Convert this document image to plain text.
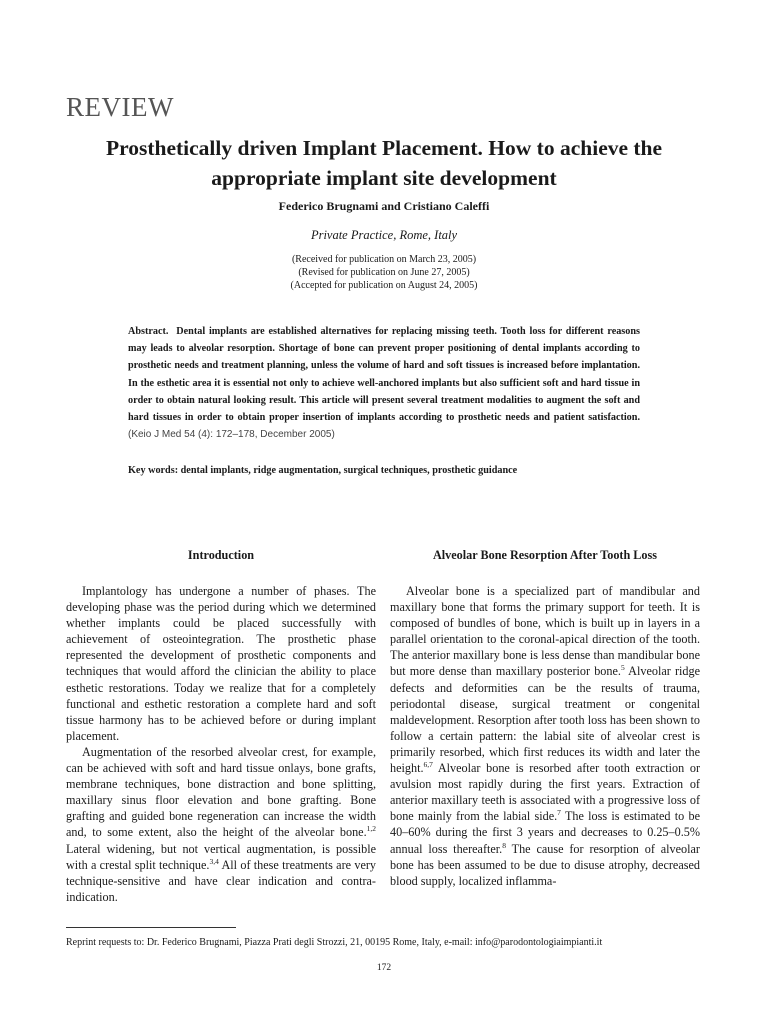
REVIEW
Prosthetically driven Implant Placement. How to achieve the appropriate implant site development
Federico Brugnami and Cristiano Caleffi
Private Practice, Rome, Italy
(Received for publication on March 23, 2005)
(Revised for publication on June 27, 2005)
(Accepted for publication on August 24, 2005)
Abstract. Dental implants are established alternatives for replacing missing teeth. Tooth loss for different reasons may leads to alveolar resorption. Shortage of bone can prevent proper positioning of dental implants according to prosthetic needs and treatment planning, unless the volume of hard and soft tissues is increased before implantation. In the esthetic area it is essential not only to achieve well-anchored implants but also sufficient soft and hard tissue in order to obtain natural looking result. This article will present several treatment modalities to augment the soft and hard tissues in order to obtain proper insertion of implants according to prosthetic needs and patient satisfaction. (Keio J Med 54 (4): 172–178, December 2005)
Key words: dental implants, ridge augmentation, surgical techniques, prosthetic guidance
Introduction

Implantology has undergone a number of phases. The developing phase was the period during which we determined whether implants could be placed successfully with achievement of osteointegration. The prosthetic phase represented the development of prosthetic components and techniques that would afford the clinician the ability to place esthetic restorations. Today we realize that for a completely functional and esthetic restoration a complete hard and soft tissue harmony has to be achieved before or during implant placement.

Augmentation of the resorbed alveolar crest, for example, can be achieved with soft and hard tissue onlays, bone grafts, membrane techniques, bone distraction and bone splitting, maxillary sinus floor elevation and bone grafting. Bone grafting and guided bone regeneration can increase the width and, to some extent, also the height of the alveolar bone.$^{1,2}$ Lateral widening, but not vertical augmentation, is possible with a crestal split technique.$^{3,4}$ All of these treatments are very technique-sensitive and have clear indication and contra-indication.

Alveolar Bone Resorption After Tooth Loss

Alveolar bone is a specialized part of mandibular and maxillary bone that forms the primary support for teeth. It is composed of bundles of bone, which is built up in layers in a parallel orientation to the coronal-apical direction of the tooth. The anterior maxillary bone is less dense than mandibular bone but more dense than maxillary posterior bone.$^5$ Alveolar ridge defects and deformities can be the results of trauma, periodontal disease, surgical treatment or congenital maldevelopment. Resorption after tooth loss has been shown to follow a certain pattern: the labial site of alveolar crest is primarily resorbed, which first reduces its width and later the height.$^{6,7}$ Alveolar bone is resorbed after tooth extraction or avulsion most rapidly during the first years. Extraction of anterior maxillary teeth is associated with a progressive loss of bone mainly from the labial side.$^7$ The loss is estimated to be 40–60% during the first 3 years and decreases to 0.25–0.5% annual loss thereafter.$^8$ The cause for resorption of alveolar bone has been assumed to be due to disuse atrophy, decreased blood supply, localized inflamma-

Reprint requests to: Dr. Federico Brugnami, Piazza Prati degli Strozzi, 21, 00195 Rome, Italy, e-mail: info@parodontologiaimpianti.it
172
